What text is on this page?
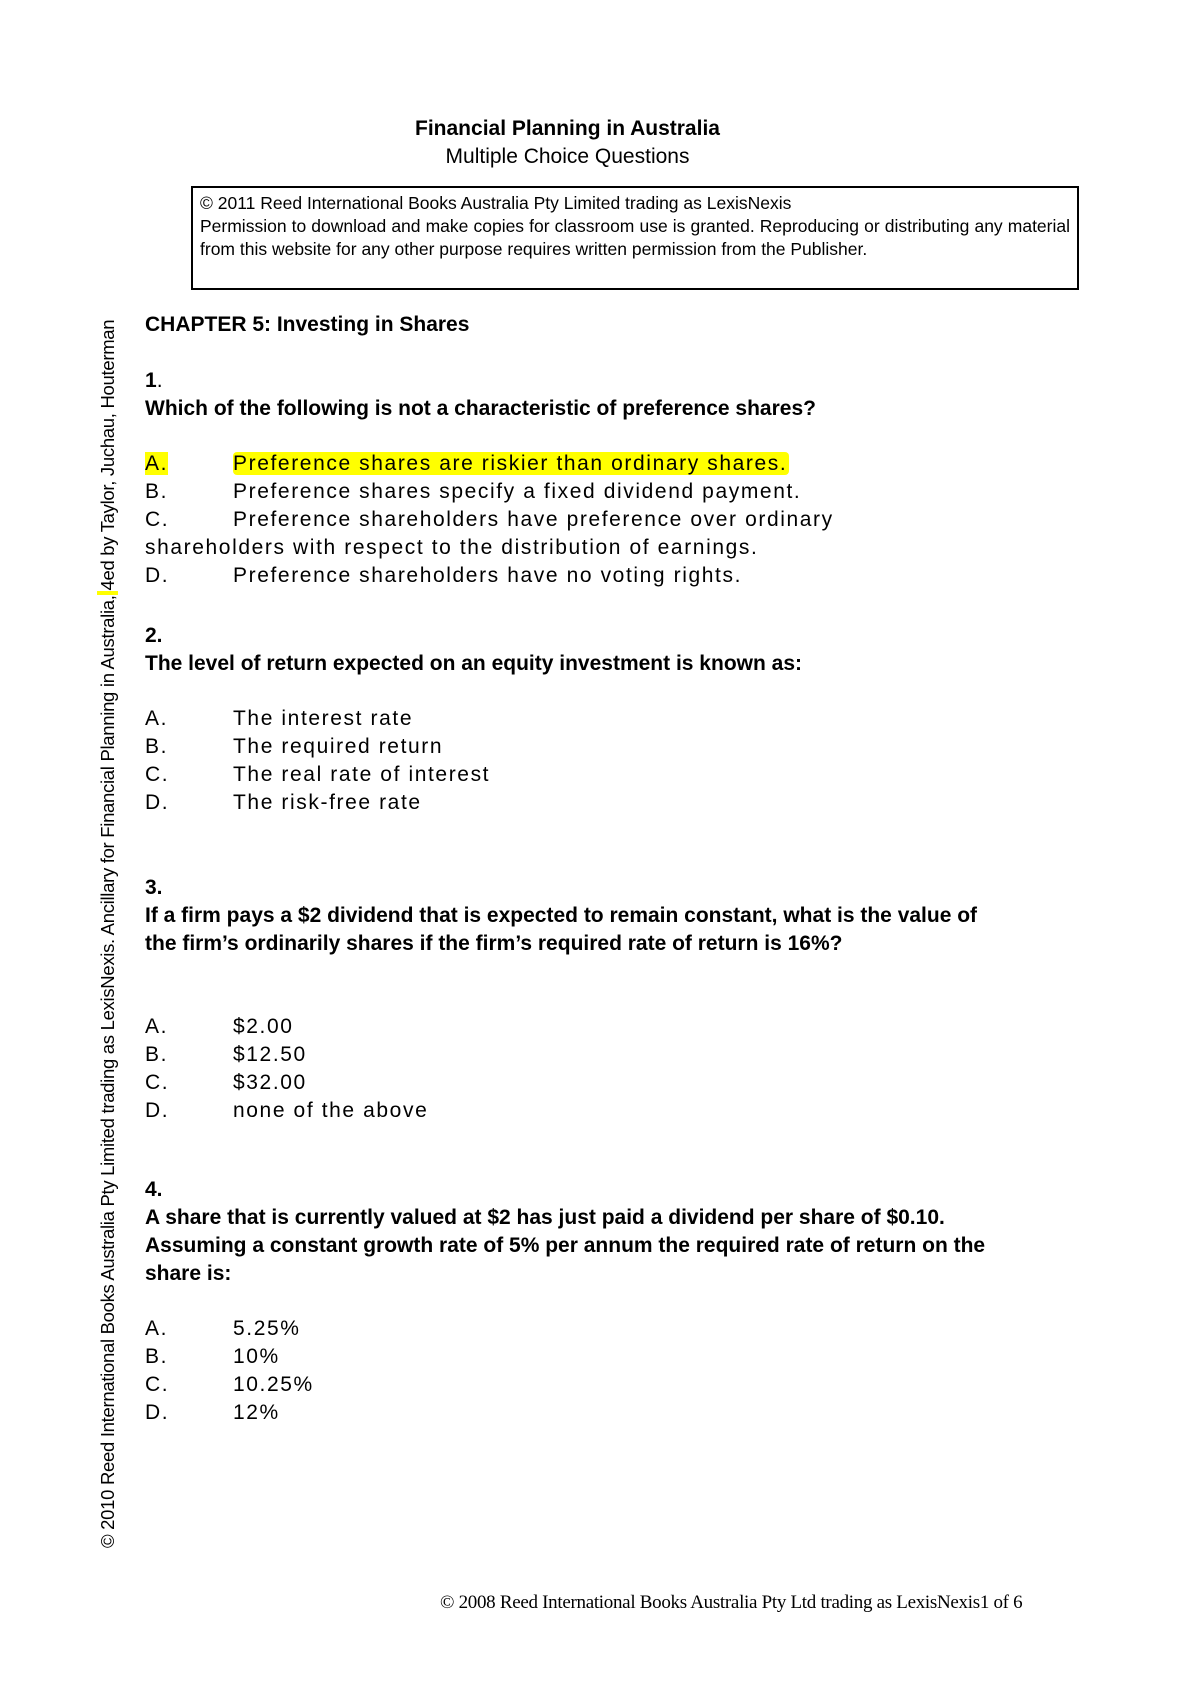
© 2010 Reed International Books Australia Pty Limited trading as LexisNexis. Ancillary for Financial Planning in Australia, 4ed by Taylor, Juchau, Houterman
Financial Planning in Australia
Multiple Choice Questions

© 2011 Reed International Books Australia Pty Limited trading as LexisNexis

Permission to download and make copies for classroom use is granted. Reproducing or distributing any material from this website for any other purpose requires written permission from the Publisher.

CHAPTER 5: Investing in Shares
1.
Which of the following is not a characteristic of preference shares?
A.	Preference shares are riskier than ordinary shares.
B.	Preference shares specify a fixed dividend payment.
C.	Preference shareholders have preference over ordinary
shareholders with respect to the distribution of earnings.
D.	Preference shareholders have no voting rights.
2.
The level of return expected on an equity investment is known as:
A.	The interest rate
B.	The required return
C.	The real rate of interest
D.	The risk-free rate
3.
If a firm pays a $2 dividend that is expected to remain constant, what is the value of the firm’s ordinarily shares if the firm’s required rate of return is 16%?
A.	$2.00
B.	$12.50
C.	$32.00
D.	none of the above
4.
A share that is currently valued at $2 has just paid a dividend per share of $0.10. Assuming a constant growth rate of 5% per annum the required rate of return on the share is:
A.	5.25%
B.	10%
C.	10.25%
D.	12%
© 2008 Reed International Books Australia Pty Ltd trading as LexisNexis1 of 6
